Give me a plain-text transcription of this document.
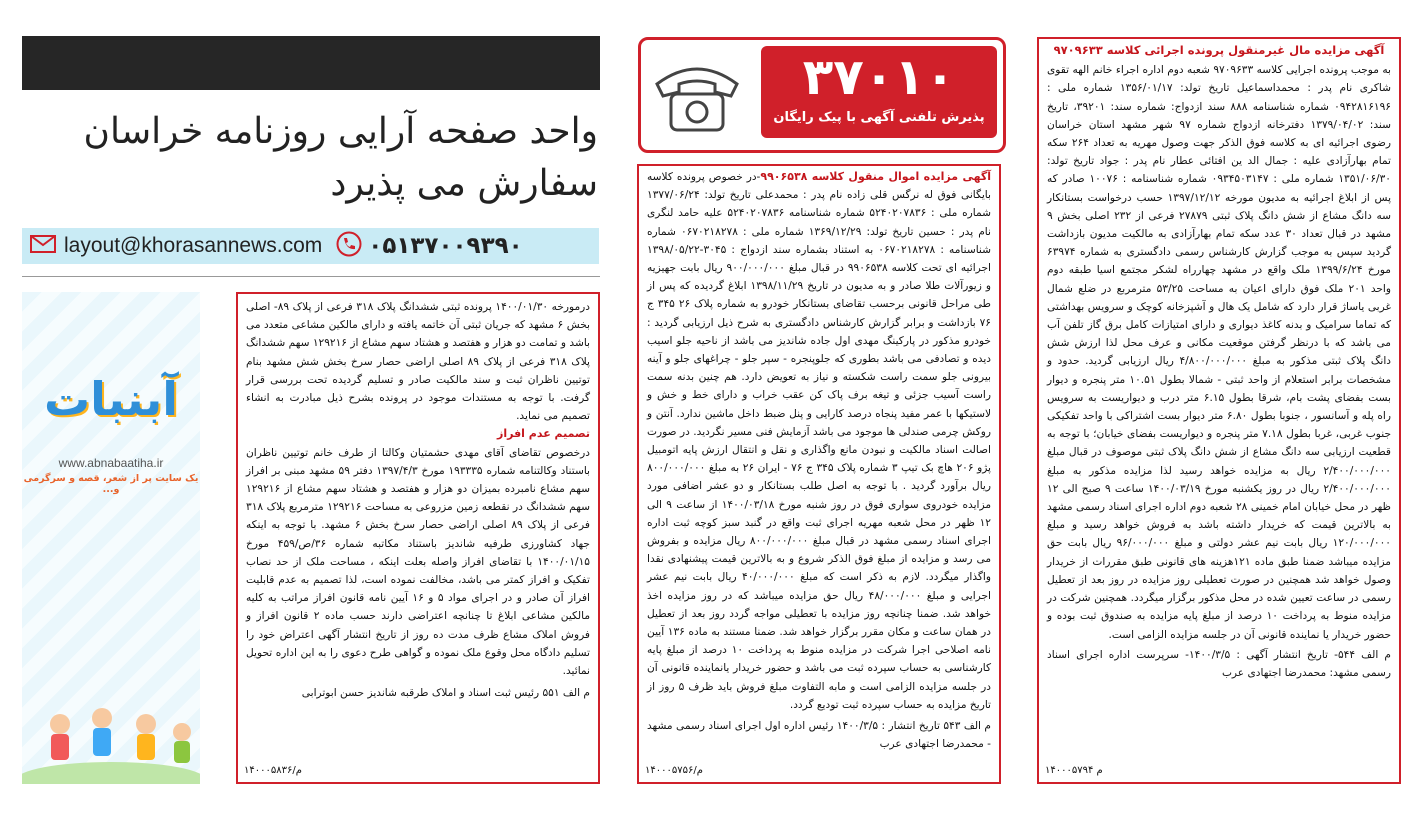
واحد صفحه آرایی روزنامه خراسان
سفارش می پذیرد
layout@khorasannews.com ۰۵۱۳۷۰۰۹۳۹۰
آبنبات
www.abnabaatiha.ir
یک سایت پر از شعر، قصه و سرگرمی و...

درمورخه ۱۴۰۰/۰۱/۳۰ پرونده ثبتی ششدانگ پلاک ۳۱۸ فرعی از پلاک ۸۹- اصلی بخش ۶ مشهد که جریان ثبتی آن خاتمه یافته و دارای مالکین مشاعی متعدد می باشد و تمامت دو هزار و هفتصد و هشتاد سهم مشاع از ۱۲۹۲۱۶ سهم ششدانگ پلاک ۳۱۸ فرعی از پلاک ۸۹ اصلی اراضی حصار سرخ بخش شش مشهد بنام توتیین ناظران ثبت و سند مالکیت صادر و تسلیم گردیده تحت بررسی قرار گرفت. با توجه به مستندات موجود در پرونده بشرح ذیل مبادرت به انشاء تصمیم می نماید.

تصمیم عدم افراز

درخصوص تقاضای آقای مهدی حشمتیان وکالتا از طرف خانم توتیین ناظران باستناد وکالتنامه شماره ۱۹۳۳۳۵ مورخ ۱۳۹۷/۴/۳ دفتر ۵۹ مشهد مبنی بر افراز سهم مشاع نامبرده بمیزان دو هزار و هفتصد و هشتاد سهم مشاع از ۱۲۹۲۱۶ سهم ششدانگ در نقطعه زمین مزروعی به مساحت ۱۲۹۲۱۶ مترمربع پلاک ۳۱۸ فرعی از پلاک ۸۹ اصلی اراضی حصار سرخ بخش ۶ مشهد. با توجه به اینکه جهاد کشاورزی طرفیه شاندیز باستناد مکاتبه شماره ۳۶/ص/۴۵۹ مورخ ۱۴۰۰/۰۱/۱۵ با تقاضای افراز واصله بعلت اینکه ، مساحت ملک از حد نصاب تفکیک و افراز کمتر می باشد، مخالفت نموده است، لذا تصمیم به عدم قابلیت افراز آن صادر و در اجرای مواد ۵ و ۱۶ آیین نامه قانون افراز مراتب به کلیه مالکین مشاعی ابلاغ تا چنانچه اعتراضی دارند حسب ماده ۲ قانون افراز و فروش املاک مشاع ظرف مدت ده روز از تاریخ انتشار آگهی اعتراض خود را تسلیم دادگاه محل وقوع ملک نموده و گواهی طرح دعوی را به این اداره تحویل نمائید.

م الف ۵۵۱ رئیس ثبت اسناد و املاک طرقبه شاندیز حسن ابوترابی

م/۱۴۰۰۰۵۸۳۶
۳۷۰۱۰
پذیرش تلفنی آگهی با پیک رایگان

آگهی مزایده اموال منقول کلاسه ۹۹۰۶۵۳۸-در خصوص پرونده کلاسه بایگانی فوق له نرگس قلی زاده نام پدر : محمدعلی تاریخ تولد: ۱۳۷۷/۰۶/۲۴ شماره ملی : ۵۲۴۰۲۰۷۸۳۶ شماره شناسنامه ۵۲۴۰۲۰۷۸۳۶ علیه حامد لنگری نام پدر : حسین تاریخ تولد: ۱۳۶۹/۱۲/۲۹ شماره ملی : ۰۶۷۰۲۱۸۲۷۸ شماره شناسنامه : ۰۶۷۰۲۱۸۲۷۸ به استناد بشماره سند ازدواج : ۳۰۴۵-۱۳۹۸/۰۵/۲۲ اجرائیه ای تحت کلاسه ۹۹۰۶۵۳۸ در قبال مبلغ ۹۰۰/۰۰۰/۰۰۰ ریال بابت جهیزیه و زیورآلات طلا صادر و به مدیون در تاریخ ۱۳۹۸/۱۱/۲۹ ابلاغ گردیده که پس از طی مراحل قانونی برحسب تقاضای بستانکار خودرو به شماره پلاک ۲۶ ۳۴۵ ج ۷۶ بازداشت و برابر گزارش کارشناس دادگستری به شرح ذیل ارزیابی گردید : خودرو مذکور در پارکینگ مهدی اول جاده شاندیز می باشد از ناحیه جلو اسیب دیده و تصادفی می باشد بطوری که جلوپنجره - سپر جلو - چراغهای جلو و آینه بیرونی جلو سمت راست شکسته و نیاز به تعویض دارد. هم چنین بدنه سمت راست آسیب جزئی و تیغه برف پاک کن عقب خراب و دارای خط و خش و لاستیکها با عمر مفید پنجاه درصد کارایی و پنل ضبط داخل ماشین ندارد. آنتن و روکش چرمی صندلی ها موجود می باشد آزمایش فنی مسیر نگردید. در صورت اصالت اسناد مالکیت و نبودن مانع واگذاری و نقل و انتقال ارزش پایه اتومبیل پژو ۲۰۶ هاچ بک تیپ ۳ شماره پلاک ۳۴۵ ج ۷۶ - ایران ۲۶ به مبلغ ۸۰۰/۰۰۰/۰۰۰ ریال برآورد گردید . با توجه به اصل طلب بستانکار و دو عشر اضافی مورد مزایده خودروی سواری فوق در روز شنبه مورخ ۱۴۰۰/۰۳/۱۸ از ساعت ۹ الی ۱۲ ظهر در محل شعبه مهریه اجرای ثبت واقع در گنبد سبز کوچه ثبت اداره اجرای اسناد رسمی مشهد در قبال مبلغ ۸۰۰/۰۰۰/۰۰۰ ریال مزایده و بفروش می رسد و مزایده از مبلغ فوق الذکر شروع و به بالاترین قیمت پیشنهادی نقدا واگذار میگردد. لازم به ذکر است که مبلغ ۴۰/۰۰۰/۰۰۰ ریال بابت نیم عشر اجرایی و مبلغ ۴۸/۰۰۰/۰۰۰ ریال حق مزایده میباشد که در روز مزایده اخذ خواهد شد. ضمنا چنانچه روز مزایده با تعطیلی مواجه گردد روز بعد از تعطیل در همان ساعت و مکان مقرر برگزار خواهد شد. ضمنا مستند به ماده ۱۳۶ آیین نامه اصلاحی اجرا شرکت در مزایده منوط به پرداخت ۱۰ درصد از مبلغ پایه کارشناسی به حساب سپرده ثبت می باشد و حضور خریدار یانماینده قانونی آن در جلسه مزایده الزامی است و مابه التفاوت مبلغ فروش باید ظرف ۵ روز از تاریخ مزایده به حساب سپرده ثبت تودیع گردد.

م الف ۵۴۳ تاریخ انتشار : ۱۴۰۰/۳/۵ رئیس اداره اول اجرای اسناد رسمی مشهد - محمدرضا اجتهادی عرب

م/۱۴۰۰۰۵۷۵۶

آگهی مزایده مال غیرمنقول پرونده اجرائی کلاسه ۹۷۰۹۶۳۳

به موجب پرونده اجرایی کلاسه ۹۷۰۹۶۳۳ شعبه دوم اداره اجراء خانم الهه تقوی شاکری نام پدر : محمداسماعیل تاریخ تولد: ۱۳۵۶/۰۱/۱۷ شماره ملی : ۰۹۴۲۸۱۶۱۹۶ شماره شناسنامه ۸۸۸ سند ازدواج: شماره سند: ۳۹۲۰۱، تاریخ سند: ۱۳۷۹/۰۴/۰۲ دفترخانه ازدواج شماره ۹۷ شهر مشهد استان خراسان رضوی اجرائیه ای به کلاسه فوق الذکر جهت وصول مهریه به تعداد ۲۶۴ سکه تمام بهارآزادی علیه : جمال الد ین افتائی عطار نام پدر : جواد تاریخ تولد: ۱۳۵۱/۰۶/۳۰ شماره ملی : ۰۹۳۴۵۰۳۱۴۷ شماره شناسنامه : ۱۰۰۷۶ صادر که پس از ابلاغ اجرائیه به مدیون مورخه ۱۳۹۷/۱۲/۱۲ حسب درخواست بستانکار سه دانگ مشاع از شش دانگ پلاک ثبتی ۲۷۸۷۹ فرعی از ۲۳۲ اصلی بخش ۹ مشهد در قبال تعداد ۳۰ عدد سکه تمام بهارآزادی به مالکیت مدیون بازداشت گردید سپس به موجب گزارش کارشناس رسمی دادگستری به شماره ۶۳۹۷۴ مورخ ۱۳۹۹/۶/۲۴ ملک واقع در مشهد چهارراه لشکر مجتمع اسیا طبقه دوم واحد ۲۰۱ ملک فوق دارای اعیان به مساحت ۵۳/۲۵ مترمربع در ضلع شمال غربی یاساژ قرار دارد که شامل یک هال و آشپزخانه کوچک و سرویس بهداشتی که تماما سرامیک و بدنه کاغذ دیواری و دارای امتیازات کامل برق گاز تلفن آب می باشد که با درنظر گرفتن موقعیت مکانی و عرف محل لذا ارزش شش دانگ پلاک ثبتی مذکور به مبلغ ۴/۸۰۰/۰۰۰/۰۰۰ ریال ارزیابی گردید. حدود و مشخصات برابر استعلام از واحد ثبتی - شمالا بطول ۱۰.۵۱ متر پنجره و دیوار بست بفضای پشت بام، شرقا بطول ۶.۱۵ متر درب و دیواریست به سرویس راه پله و آسانسور ، جنوبا بطول ۶.۸۰ متر دیوار بست اشتراکی با واحد تفکیکی جنوب غربی، غربا بطول ۷.۱۸ متر پنجره و دیواریست بفضای خیابان؛ با توجه به قطعیت ارزیابی سه دانگ مشاع از شش دانگ پلاک ثبتی موصوف در قبال مبلغ ۲/۴۰۰/۰۰۰/۰۰۰ ریال به مزایده خواهد رسید لذا مزایده مذکور به مبلغ ۲/۴۰۰/۰۰۰/۰۰۰ ریال در روز یکشنبه مورخ ۱۴۰۰/۰۳/۱۹ ساعت ۹ صبح الی ۱۲ ظهر در محل خیابان امام خمینی ۲۸ شعبه دوم اداره اجرای اسناد رسمی مشهد به بالاترین قیمت که خریدار داشته باشد به فروش خواهد رسید و مبلغ ۱۲۰/۰۰۰/۰۰۰ ریال بابت نیم عشر دولتی و مبلغ ۹۶/۰۰۰/۰۰۰ ریال بابت حق مزایده میباشد ضمنا طبق ماده ۱۲۱هزینه های قانونی طبق مقررات از خریدار وصول خواهد شد همچنین در صورت تعطیلی روز مزایده در روز بعد از تعطیل رسمی در ساعت تعیین شده در محل مذکور برگزار میگردد. همچنین شرکت در مزایده منوط به پرداخت ۱۰ درصد از مبلغ پایه مزایده به صندوق ثبت بوده و حضور خریدار یا نماینده قانونی آن در جلسه مزایده الزامی است.

م الف ۵۴۴- تاریخ انتشار آگهی : ۱۴۰۰/۳/۵- سرپرست اداره اجرای اسناد رسمی مشهد: محمدرضا اجتهادی عرب

م ۱۴۰۰۰۵۷۹۴
